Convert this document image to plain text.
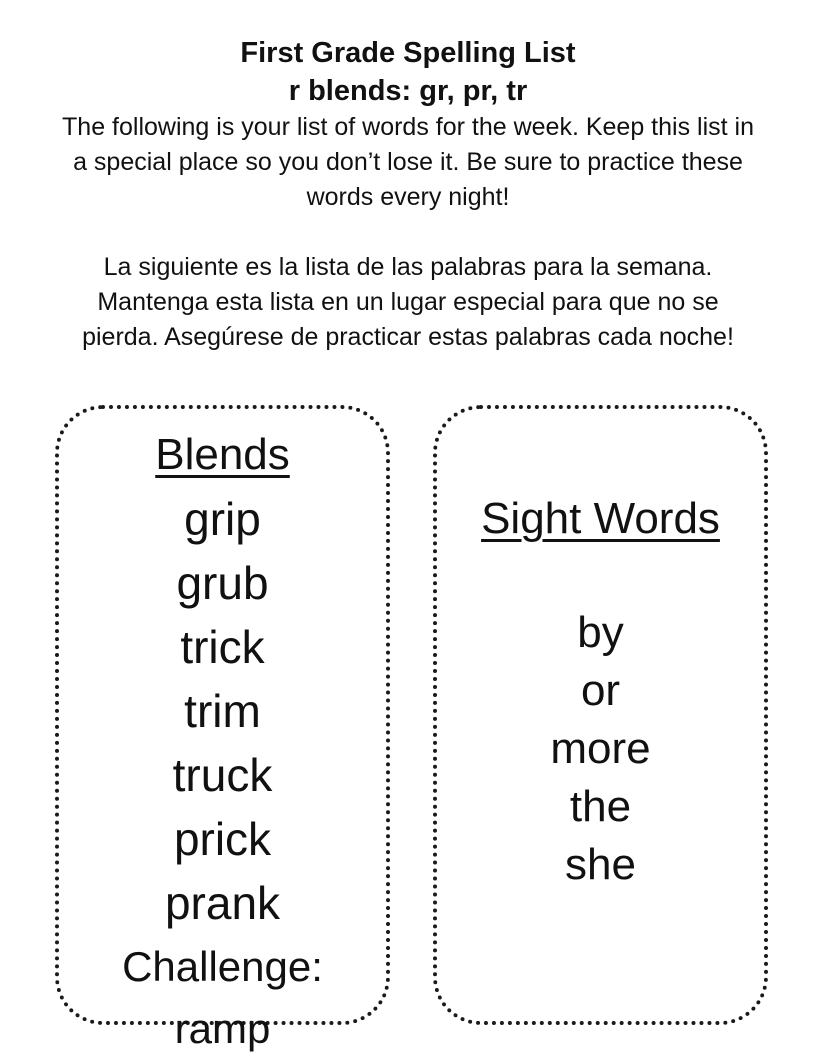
First Grade Spelling List
r blends: gr, pr, tr
The following is your list of words for the week. Keep this list in a special place so you don’t lose it. Be sure to practice these words every night!
La siguiente es la lista de las palabras para la semana. Mantenga esta lista en un lugar especial para que no se pierda. Asegúrese de practicar estas palabras cada noche!
Blends
grip
grub
trick
trim
truck
prick
prank
Challenge:
ramp
Sight Words
by
or
more
the
she
